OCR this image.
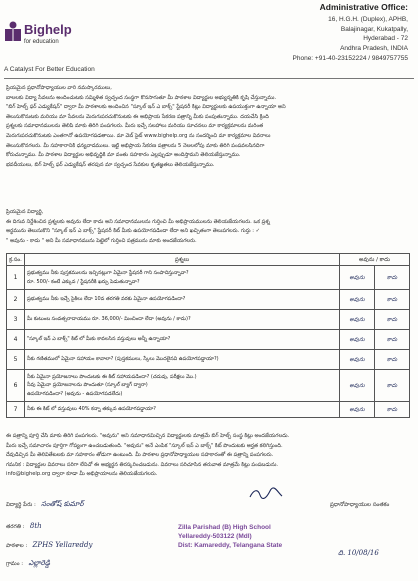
Bighelp
for education
A Catalyst For Better Education
Administrative Office:
16, H.G.H. (Duplex), APHB,
Balajinagar, Kukatpally,
Hyderabad - 72
Andhra Pradesh, INDIA
Phone: +91-40-23152224 / 9849757755
ప్రియమైన ప్రధానోపాధ్యాయుల వారి నమస్కారములు,
బాలలకు విద్యా సేవలను అందించుటకు సమ్మిళిత స్వచ్ఛంద సంస్థగా కొనసాగుతూ మీ పాఠశాల విద్యార్థుల అభ్యున్నతికి కృషి చేస్తున్నాము.
"బిగ్ హెల్ప్ ఫర్ ఎడ్యుకేషన్" ద్వారా మీ పాఠశాలకు అందించిన "స్కూల్ ఇన్ ఎ బాక్స్" స్టేషనరీ కిట్లు విద్యార్థులకు ఉపయుక్తంగా ఉన్నాయా అని
తెలుసుకొనుటకు మరియు మా సేవలను మెరుగుపరచుకొనుటకు ఈ అభిప్రాయ సేకరణ పత్రాన్ని మీకు పంపుతున్నాము. దయచేసి క్రింది
ప్రశ్నలకు సమాధానములను తెలిపి మాకు తిరిగి పంపగలరు. మీరు ఇచ్చే సలహాలు మరియు సూచనలు మా కార్యక్రమాలను మరింత
మెరుగుపరచుకొనుటకు ఎంతగానో ఉపయోగపడతాయి. మా వెబ్ సైట్ www.bighelp.org ను సందర్శించి మా కార్యక్రమాల వివరాలు
తెలుసుకొనగలరు. మీ సహకారానికి ధన్యవాదములు. ఇట్టి అభిప్రాయ సేకరణ పత్రాలను 5 నెలలలోపు మాకు తిరిగి పంపవలసినదిగా
కోరుచున్నాము. మీ పాఠశాల విద్యార్థుల అభివృద్ధికి మా వంతు సహకారం ఎల్లప్పుడూ అందిస్తామని తెలియజేస్తున్నాము.
భవదీయులు, బిగ్ హెల్ప్ ఫర్ ఎడ్యుకేషన్ తరపున మా స్వచ్ఛంద సేవకుల కృతజ్ఞతలు తెలియజేస్తున్నాము.
ప్రియమైన విద్యార్థి,
ఈ దిగువ నిర్దేశించిన ప్రశ్నలకు అవును లేదా కాదు అని సమాధానములను గుర్తించి మీ అభిప్రాయములను తెలియజేయగలరు. ఒక ప్రశ్న
అర్థమును తెలుసుకొని "స్కూల్ ఇన్ ఎ బాక్స్" స్టేషనరీ కిట్ మీకు ఉపయోగపడిందా లేదా అని ఖచ్చితంగా తెలుపగలరు. గుర్తు : ✓
" అవును - కాదు " అని మీ సమాధానమును పెట్టెలో గుర్తించి పత్రమును మాకు అందజేయగలరు.
క్ర.సం.	ప్రశ్నలు	అవును / కాదు	
1	ప్రభుత్వము నీకు పుస్తకములను ఇచ్చినట్లుగా ఏమైనా స్టేషనరీ గాని సంపాదిస్తున్నావా?
రూ. 500/- కంటే ఎక్కువ / స్టేషనరీకి ఖర్చు పెడుతున్నావా?	అవును	కాదు
2	ప్రభుత్వము నీకు ఇచ్చే సైకిలు లేదా 10వ తరగతి వరకు ఏమైనా ఉపయోగపడిందా?	అవును	కాదు
3	మీ కుటుంబ సంవత్సరాదాయము రూ. 36,000/- మించిందా లేదా (అవును / కాదు)?	అవును	కాదు
4	"స్కూల్ ఇన్ ఎ బాక్స్" కిట్ లో మీకు కావలసిన వస్తువులు అన్నీ ఉన్నాయా?	అవును	కాదు
5	నీకు గణితములో ఏమైనా సహాయం కావాలా? (పుస్తకములు, స్కేలు మొదలైనవి ఉపయోగపడ్డాయా?)	అవును	కాదు
6	నీకు ఏమైనా ప్రయోజనాలు పొందుటకు ఈ కిట్ సహాయపడిందా? (చదువు, పరీక్షలు మొ.)
నీవు ఏమైనా ప్రయోజనాలను పొందుతూ (స్కూల్ బ్యాగ్ ద్వారా)
ఉపయోగపడిందా? (అవును - ఉపయోగపడలేదు)	అవును	కాదు
7	నీకు ఈ కిట్ లో వస్తువులు 40% కన్నా తక్కువ ఉపయోగపడ్డాయా?	అవును	కాదు
ఈ పత్రాన్ని పూర్తి చేసి మాకు తిరిగి పంపగలరు. "అవును" అని సమాధానమిచ్చిన విద్యార్థులకు మాత్రమే బిగ్ హెల్ప్ సంస్థ కిట్లు అందజేయగలదు.
మీరు ఇచ్చే సమాచారం పూర్తిగా గోప్యంగా ఉంచబడుతుంది. "అవును" అనే ఎంపిక "స్కూల్ ఇన్ ఎ బాక్స్" కిట్ పొందుటకు అర్హత కలిగిస్తుంది.
దేవుడిచ్చిన మీ తెలివితేటలకు మా సహకారం తోడుగా ఉంటుంది. మీ పాఠశాల ప్రధానోపాధ్యాయుల సహకారంతో ఈ పత్రాన్ని పంపగలరు.
గమనిక : విద్యార్థుల వివరాలు సరిగా లేనిచో ఈ అభ్యర్థన తిరస్కరించబడును. వివరాలు సరిచూసిన తరువాత మాత్రమే కిట్లు పంపబడును.
info@bighelp.org ద్వారా కూడా మీ అభిప్రాయాలను తెలియజేయగలరు.
విద్యార్థి పేరు : సంతోష్ కుమార్
తరగతి : 8th
పాఠశాల : ZPHS Yellareddy
గ్రామం : ఎల్లారెడ్డి
ప్రధానోపాధ్యాయుల సంతకం
Zilla Parishad (B) High School
Yellareddy-503122 (Mdl)
Dist: Kamareddy, Telangana State
ది. 10/08/16
